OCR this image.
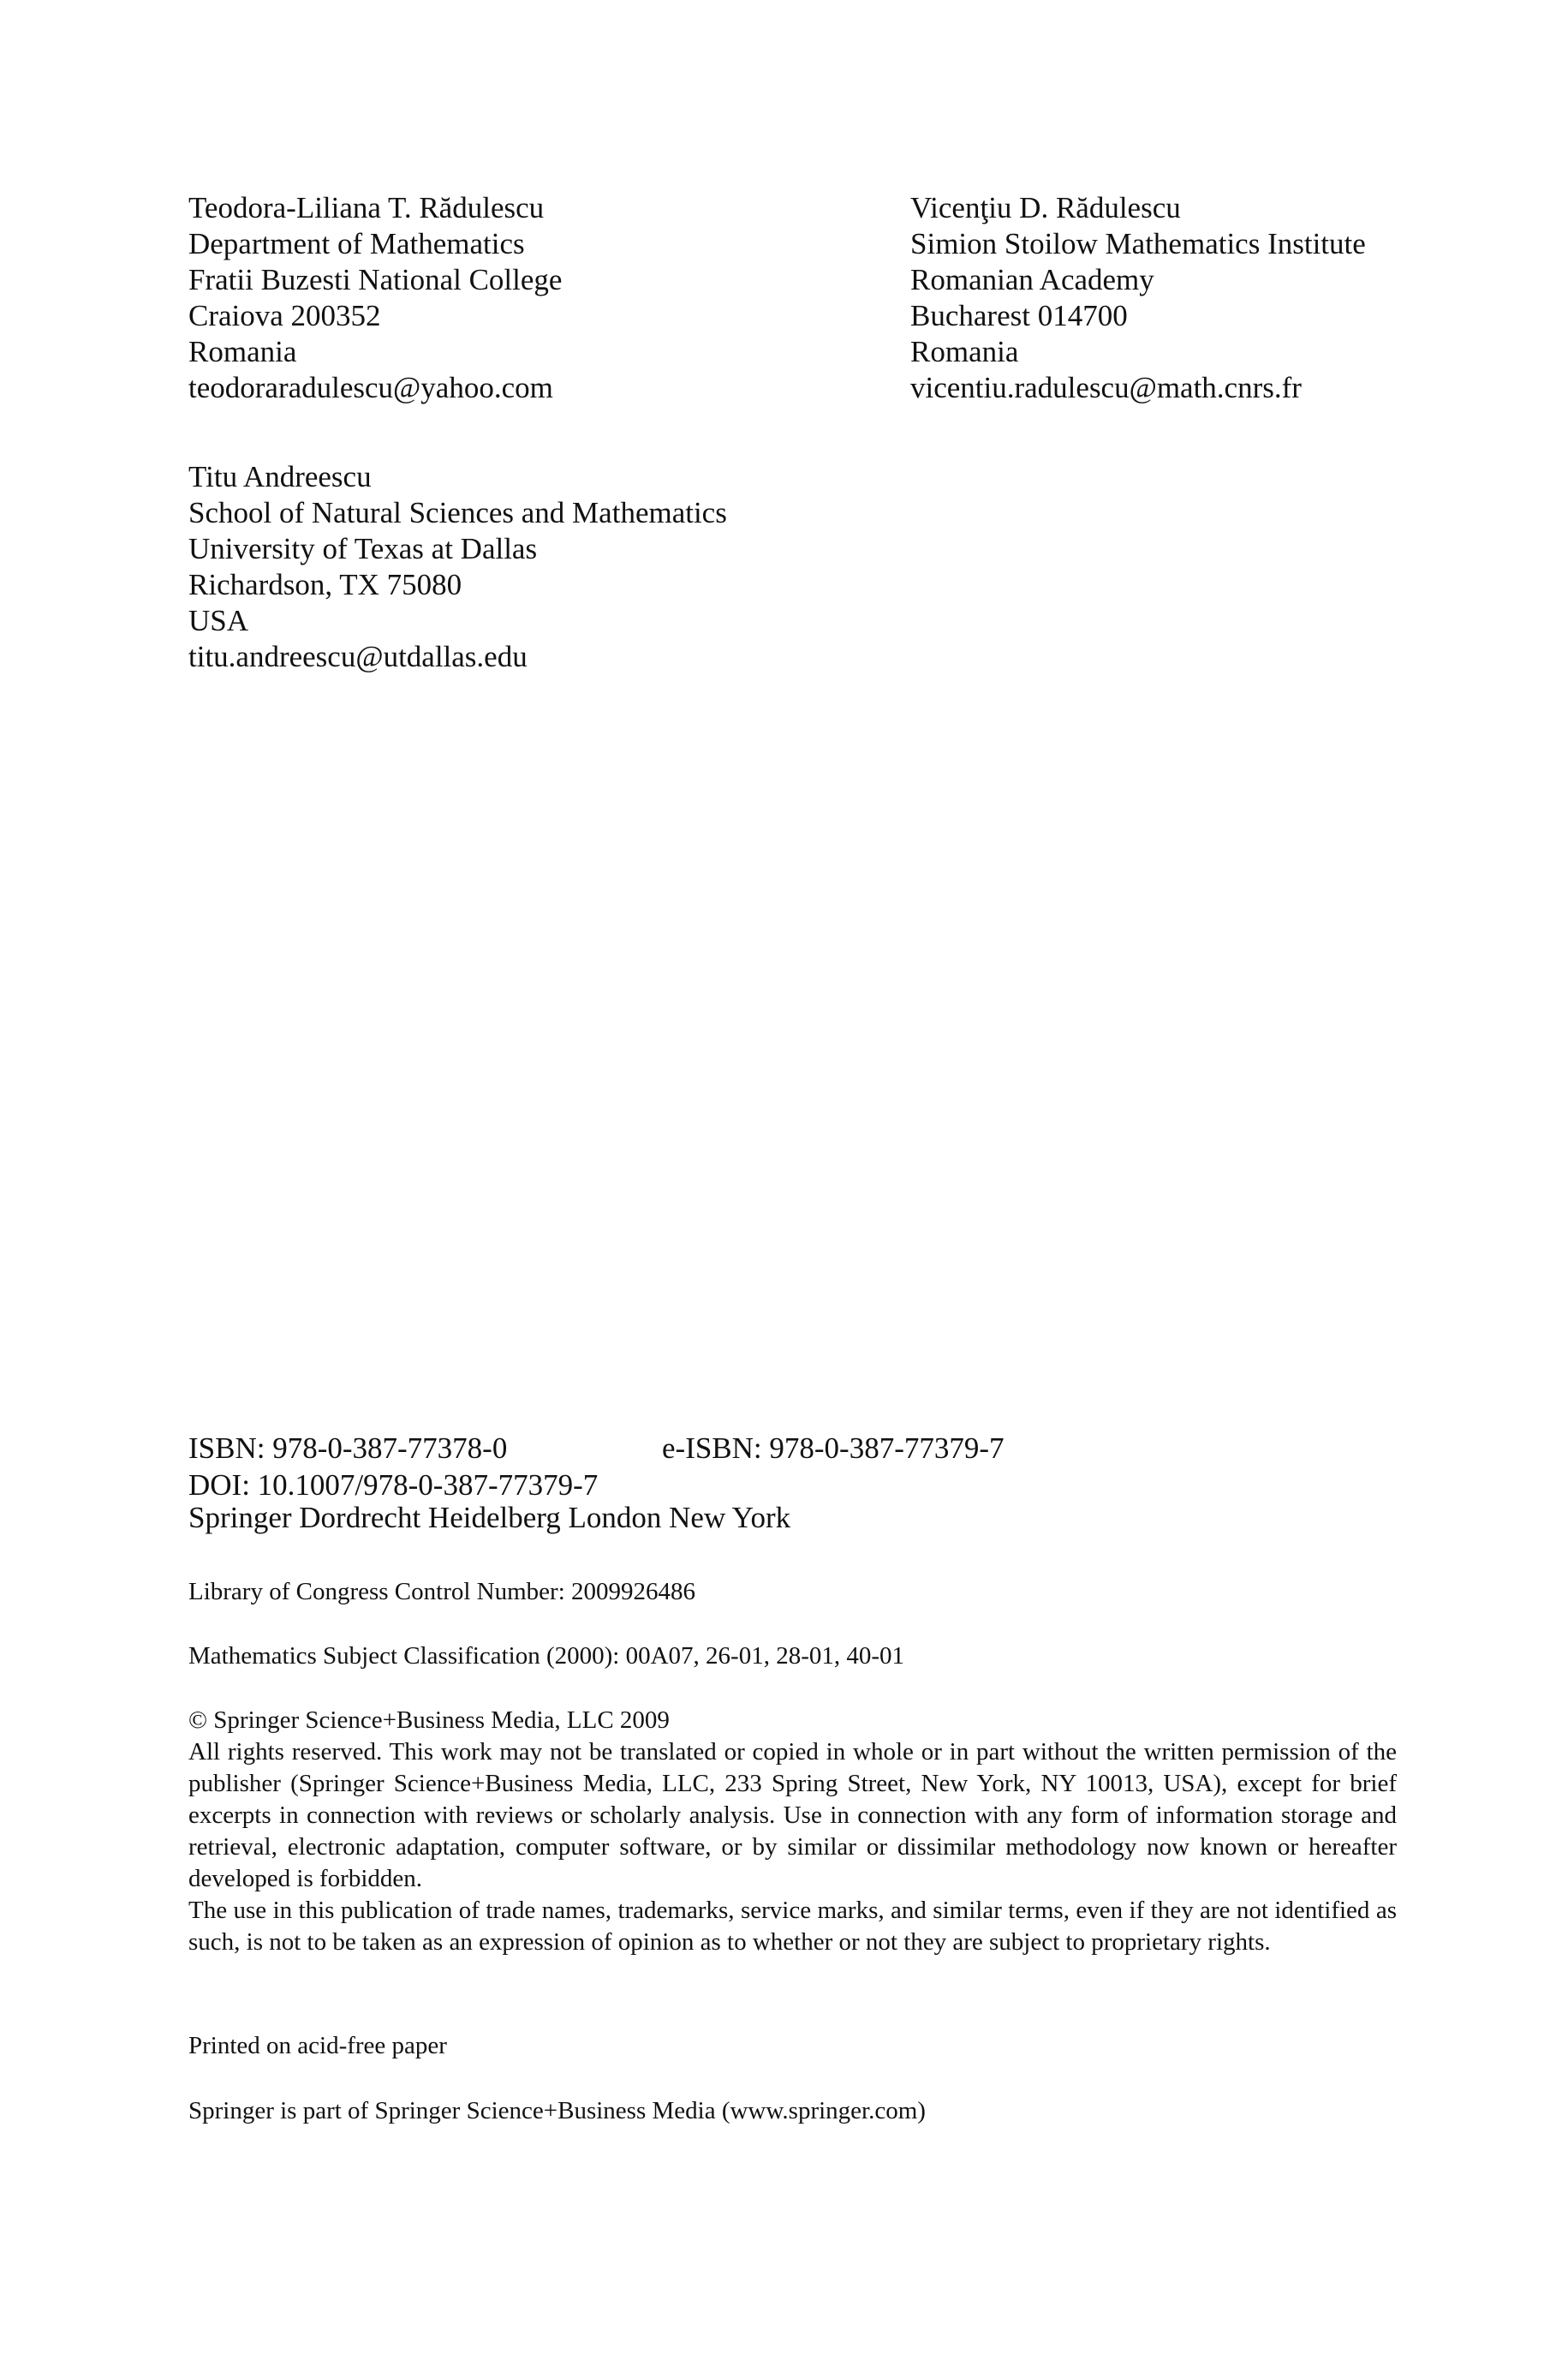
Teodora-Liliana T. Rădulescu
Department of Mathematics
Fratii Buzesti National College
Craiova 200352
Romania
teodoraradulescu@yahoo.com
Vicenţiu D. Rădulescu
Simion Stoilow Mathematics Institute
Romanian Academy
Bucharest 014700
Romania
vicentiu.radulescu@math.cnrs.fr
Titu Andreescu
School of Natural Sciences and Mathematics
University of Texas at Dallas
Richardson, TX 75080
USA
titu.andreescu@utdallas.edu
ISBN: 978-0-387-77378-0	e-ISBN: 978-0-387-77379-7
DOI: 10.1007/978-0-387-77379-7
Springer Dordrecht Heidelberg London New York
Library of Congress Control Number: 2009926486
Mathematics Subject Classification (2000): 00A07, 26-01, 28-01, 40-01

© Springer Science+Business Media, LLC 2009

All rights reserved. This work may not be translated or copied in whole or in part without the written permission of the publisher (Springer Science+Business Media, LLC, 233 Spring Street, New York, NY 10013, USA), except for brief excerpts in connection with reviews or scholarly analysis. Use in connection with any form of information storage and retrieval, electronic adaptation, computer software, or by similar or dissimilar methodology now known or hereafter developed is forbidden.

The use in this publication of trade names, trademarks, service marks, and similar terms, even if they are not identified as such, is not to be taken as an expression of opinion as to whether or not they are subject to proprietary rights.

Printed on acid-free paper
Springer is part of Springer Science+Business Media (www.springer.com)
